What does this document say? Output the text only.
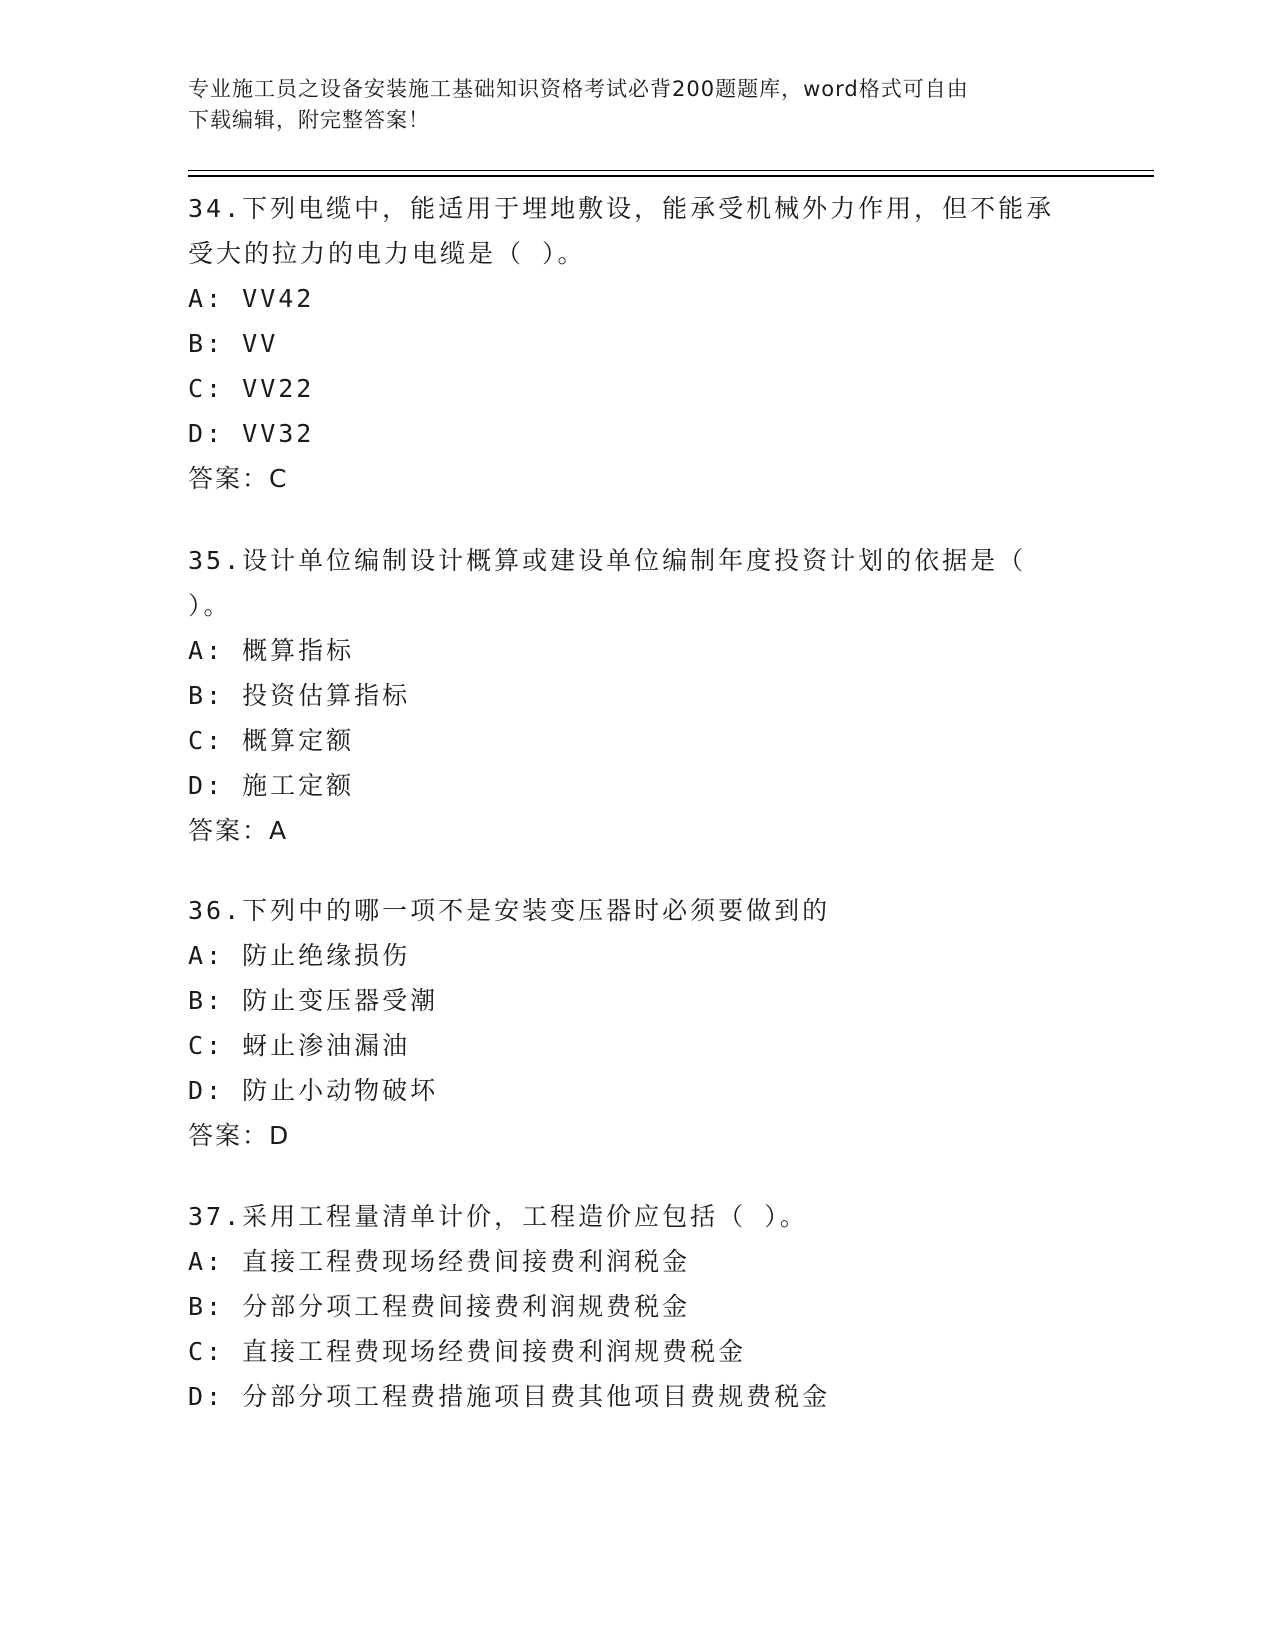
专业施工员之设备安装施工基础知识资格考试必背200题题库，word格式可自由
下载编辑，附完整答案！
34.下列电缆中，能适用于埋地敷设，能承受机械外力作用，但不能承
受大的拉力的电力电缆是（ ）。
A: VV42
B: VV
C: VV22
D: VV32
答案：C
35.设计单位编制设计概算或建设单位编制年度投资计划的依据是（
）。
A: 概算指标
B: 投资估算指标
C: 概算定额
D: 施工定额
答案：A
36.下列中的哪一项不是安装变压器时必须要做到的
A: 防止绝缘损伤
B: 防止变压器受潮
C: 蚜止渗油漏油
D: 防止小动物破坏
答案：D
37.采用工程量清单计价，工程造价应包括（ ）。
A: 直接工程费现场经费间接费利润税金
B: 分部分项工程费间接费利润规费税金
C: 直接工程费现场经费间接费利润规费税金
D: 分部分项工程费措施项目费其他项目费规费税金
